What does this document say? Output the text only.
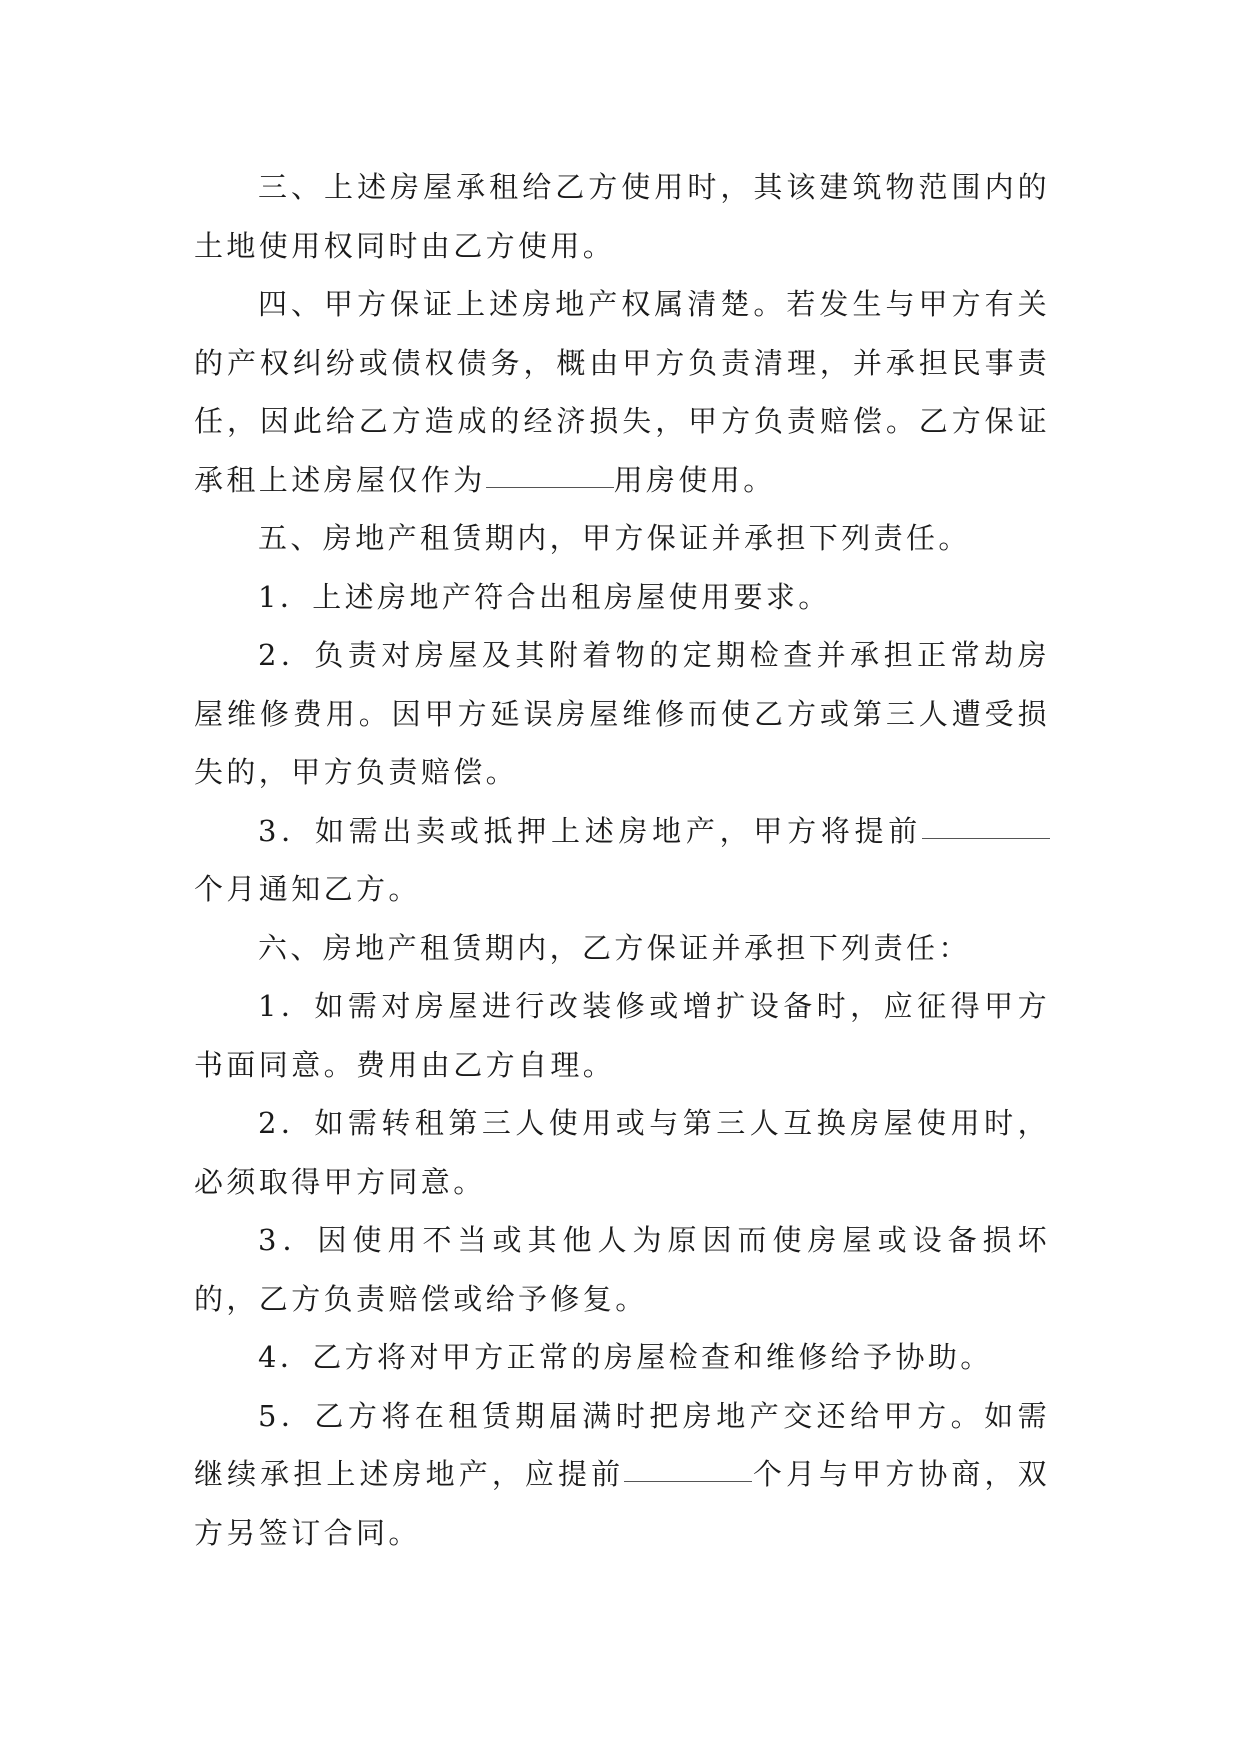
三、上述房屋承租给乙方使用时，其该建筑物范围内的土地使用权同时由乙方使用。

四、甲方保证上述房地产权属清楚。若发生与甲方有关的产权纠纷或债权债务，概由甲方负责清理，并承担民事责任，因此给乙方造成的经济损失，甲方负责赔偿。乙方保证承租上述房屋仅作为	用房使用。

五、房地产租赁期内，甲方保证并承担下列责任。

1．上述房地产符合出租房屋使用要求。

2．负责对房屋及其附着物的定期检查并承担正常劫房屋维修费用。因甲方延误房屋维修而使乙方或第三人遭受损失的，甲方负责赔偿。

3．如需出卖或抵押上述房地产，甲方将提前个月通知乙方。

六、房地产租赁期内，乙方保证并承担下列责任：

1．如需对房屋进行改装修或增扩设备时，应征得甲方书面同意。费用由乙方自理。

2．如需转租第三人使用或与第三人互换房屋使用时，必须取得甲方同意。

3．因使用不当或其他人为原因而使房屋或设备损坏的，乙方负责赔偿或给予修复。

4．乙方将对甲方正常的房屋检查和维修给予协助。

5．乙方将在租赁期届满时把房地产交还给甲方。如需继续承担上述房地产，应提前	个月与甲方协商，双方另签订合同。
